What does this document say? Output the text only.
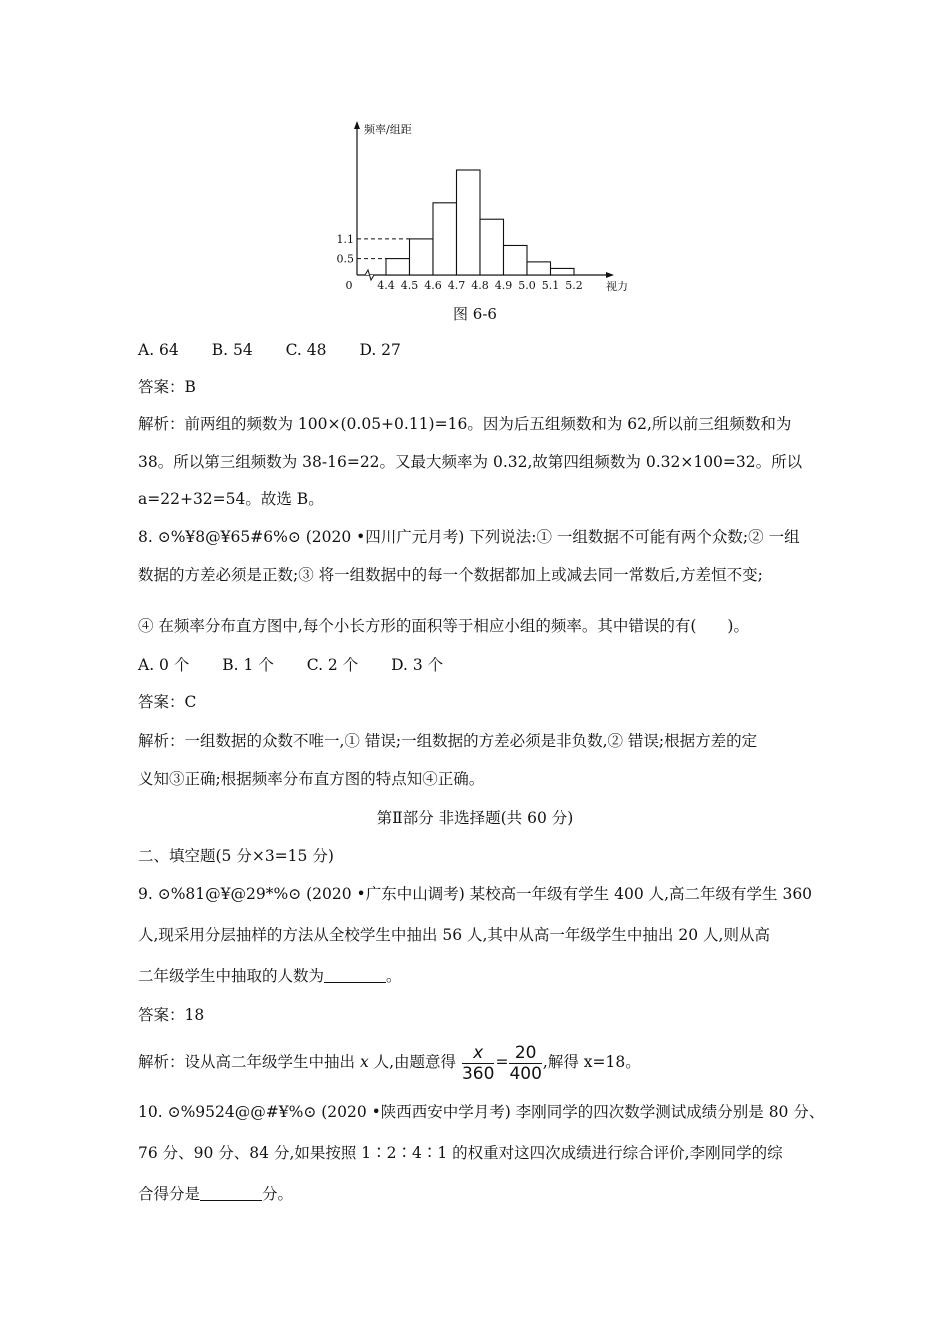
1.1
0.5
4.4 4.5 4.6 4.7 4.8 4.9 5.0 5.1 5.2
0
频率/组距
视力
图 6-6
A. 64 B. 54 C. 48 D. 27
答案：B
解析：前两组的频数为 100×(0.05+0.11)=16。因为后五组频数和为 62,所以前三组频数和为
38。所以第三组频数为 38-16=22。又最大频率为 0.32,故第四组频数为 0.32×100=32。所以
a=22+32=54。故选 B。
8. ⊙%¥8@¥65#6%⊙ (2020 •四川广元月考) 下列说法:① 一组数据不可能有两个众数;② 一组
数据的方差必须是正数;③ 将一组数据中的每一个数据都加上或减去同一常数后,方差恒不变;
④ 在频率分布直方图中,每个小长方形的面积等于相应小组的频率。其中错误的有(　　)。
A. 0 个 B. 1 个 C. 2 个 D. 3 个
答案：C
解析：一组数据的众数不唯一,① 错误;一组数据的方差必须是非负数,② 错误;根据方差的定
义知③正确;根据频率分布直方图的特点知④正确。
第Ⅱ部分 非选择题(共 60 分)
二、填空题(5 分×3=15 分)
9. ⊙%81@¥@29*%⊙ (2020 •广东中山调考) 某校高一年级有学生 400 人,高二年级有学生 360
人,现采用分层抽样的方法从全校学生中抽出 56 人,其中从高一年级学生中抽出 20 人,则从高
二年级学生中抽取的人数为	。
答案：18
解析：设从高二年级学生中抽出 x 人,由题意得 $\frac{x}{360} = \frac{20}{400}$ ,解得 x=18。
10. ⊙%9524@@#¥%⊙ (2020 •陕西西安中学月考) 李刚同学的四次数学测试成绩分别是 80 分、
76 分、90 分、84 分,如果按照 1∶2∶4∶1 的权重对这四次成绩进行综合评价,李刚同学的综
合得分是	分。
